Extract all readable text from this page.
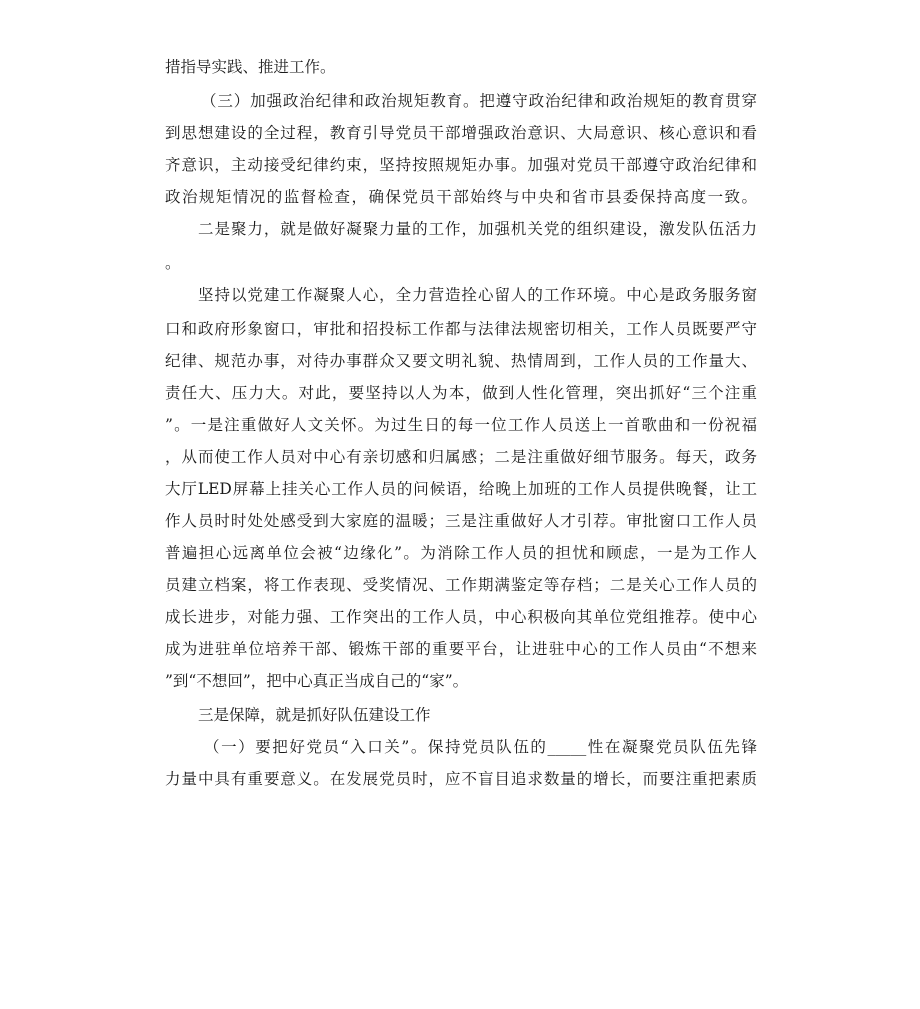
措指导实践、推进工作。
（三）加强政治纪律和政治规矩教育。把遵守政治纪律和政治规矩的教育贯穿
到思想建设的全过程，教育引导党员干部增强政治意识、大局意识、核心意识和看
齐意识，主动接受纪律约束，坚持按照规矩办事。加强对党员干部遵守政治纪律和
政治规矩情况的监督检查，确保党员干部始终与中央和省市县委保持高度一致。
二是聚力，就是做好凝聚力量的工作，加强机关党的组织建设，激发队伍活力
。
坚持以党建工作凝聚人心，全力营造拴心留人的工作环境。中心是政务服务窗
口和政府形象窗口，审批和招投标工作都与法律法规密切相关，工作人员既要严守
纪律、规范办事，对待办事群众又要文明礼貌、热情周到，工作人员的工作量大、
责任大、压力大。对此，要坚持以人为本，做到人性化管理，突出抓好“三个注重
”。一是注重做好人文关怀。为过生日的每一位工作人员送上一首歌曲和一份祝福
，从而使工作人员对中心有亲切感和归属感；二是注重做好细节服务。每天，政务
大厅LED屏幕上挂关心工作人员的问候语，给晚上加班的工作人员提供晚餐，让工
作人员时时处处感受到大家庭的温暖；三是注重做好人才引荐。审批窗口工作人员
普遍担心远离单位会被“边缘化”。为消除工作人员的担忧和顾虑，一是为工作人
员建立档案，将工作表现、受奖情况、工作期满鉴定等存档；二是关心工作人员的
成长进步，对能力强、工作突出的工作人员，中心积极向其单位党组推荐。使中心
成为进驻单位培养干部、锻炼干部的重要平台，让进驻中心的工作人员由“不想来
”到“不想回”，把中心真正当成自己的“家”。
三是保障，就是抓好队伍建设工作
（一）要把好党员“入口关”。保持党员队伍的_____性在凝聚党员队伍先锋
力量中具有重要意义。在发展党员时，应不盲目追求数量的增长，而要注重把素质
